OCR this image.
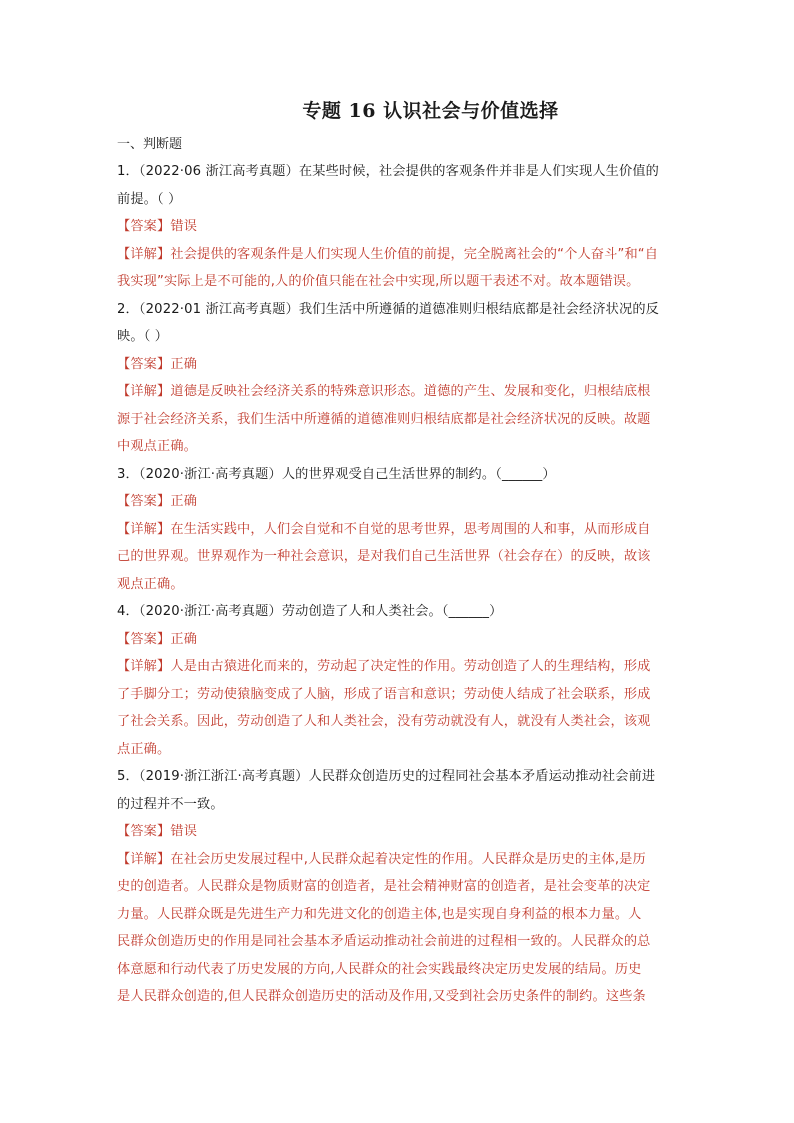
专题 16 认识社会与价值选择

一、判断题

1．（2022·06 浙江高考真题）在某些时候，社会提供的客观条件并非是人们实现人生价值的

前提。（ ）

【答案】错误

【详解】社会提供的客观条件是人们实现人生价值的前提，完全脱离社会的“个人奋斗”和“自

我实现”实际上是不可能的,人的价值只能在社会中实现,所以题干表述不对。故本题错误。

2．（2022·01 浙江高考真题）我们生活中所遵循的道德准则归根结底都是社会经济状况的反

映。（ ）

【答案】正确

【详解】道德是反映社会经济关系的特殊意识形态。道德的产生、发展和变化，归根结底根

源于社会经济关系，我们生活中所遵循的道德准则归根结底都是社会经济状况的反映。故题

中观点正确。

3．（2020·浙江·高考真题）人的世界观受自己生活世界的制约。（______）

【答案】正确

【详解】在生活实践中，人们会自觉和不自觉的思考世界，思考周围的人和事，从而形成自

己的世界观。世界观作为一种社会意识，是对我们自己生活世界（社会存在）的反映，故该

观点正确。

4．（2020·浙江·高考真题）劳动创造了人和人类社会。（______）

【答案】正确

【详解】人是由古猿进化而来的，劳动起了决定性的作用。劳动创造了人的生理结构，形成

了手脚分工；劳动使猿脑变成了人脑，形成了语言和意识；劳动使人结成了社会联系，形成

了社会关系。因此，劳动创造了人和人类社会，没有劳动就没有人，就没有人类社会，该观

点正确。

5．（2019·浙江浙江·高考真题）人民群众创造历史的过程同社会基本矛盾运动推动社会前进

的过程并不一致。

【答案】错误

【详解】在社会历史发展过程中,人民群众起着决定性的作用。人民群众是历史的主体,是历

史的创造者。人民群众是物质财富的创造者，是社会精神财富的创造者，是社会变革的决定

力量。人民群众既是先进生产力和先进文化的创造主体,也是实现自身利益的根本力量。人

民群众创造历史的作用是同社会基本矛盾运动推动社会前进的过程相一致的。人民群众的总

体意愿和行动代表了历史发展的方向,人民群众的社会实践最终决定历史发展的结局。历史

是人民群众创造的,但人民群众创造历史的活动及作用,又受到社会历史条件的制约。这些条
